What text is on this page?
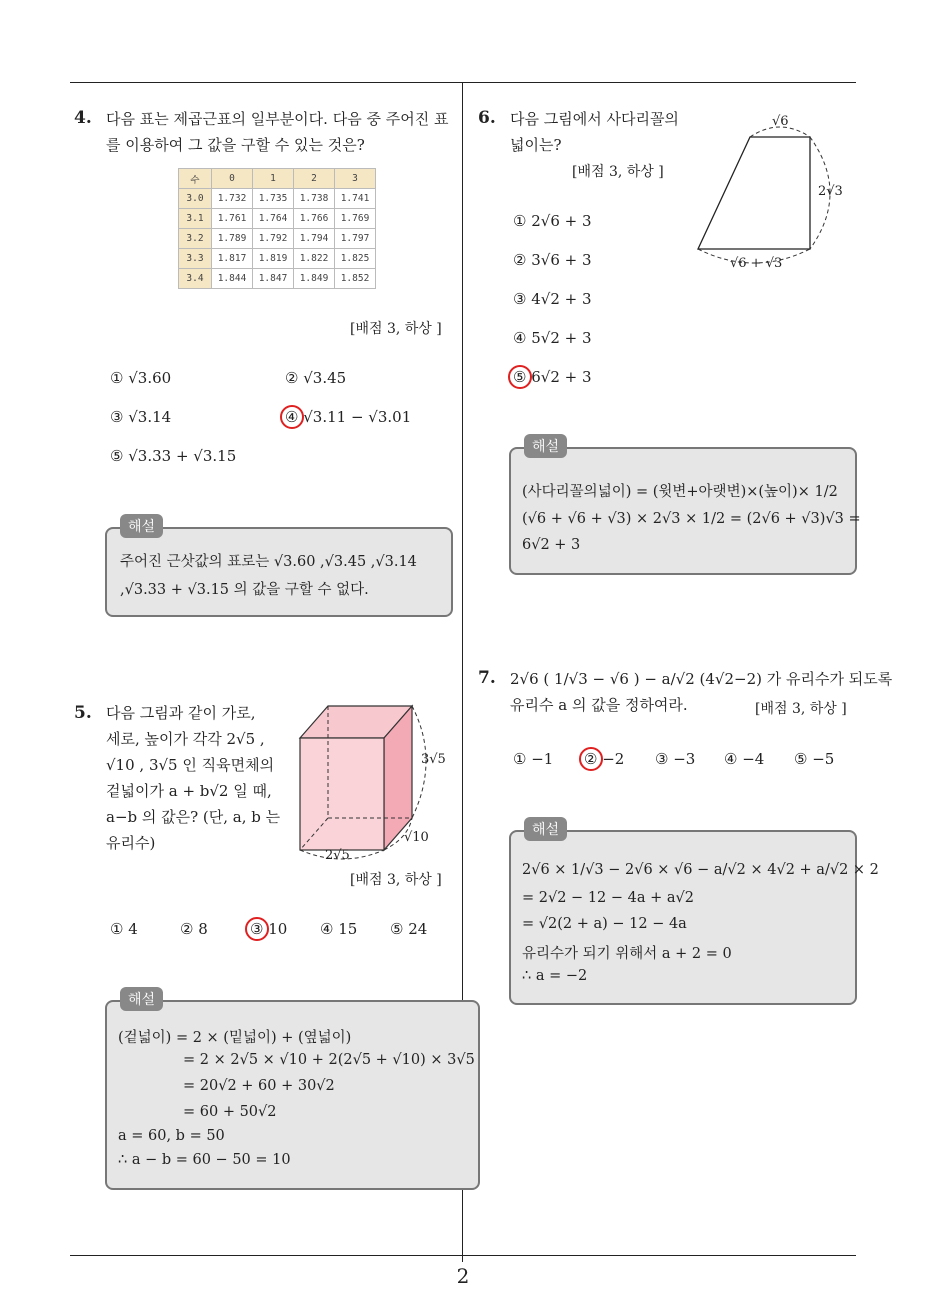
2
4. 다음 표는 제곱근표의 일부분이다. 다음 중 주어진 표
를 이용하여 그 값을 구할 수 있는 것은?
수	0	1	2	3
3.0	1.732	1.735	1.738	1.741
3.1	1.761	1.764	1.766	1.769
3.2	1.789	1.792	1.794	1.797
3.3	1.817	1.819	1.822	1.825
3.4	1.844	1.847	1.849	1.852
[배점 3, 하상 ]
① √3.60	② √3.45
③ √3.14	④ √3.11 − √3.01
⑤ √3.33 + √3.15
해설
주어진 근삿값의 표로는 √3.60 ,√3.45 ,√3.14
,√3.33 + √3.15 의 값을 구할 수 없다.
5. 다음 그림과 같이 가로,
세로, 높이가 각각 2√5 ,
√10 , 3√5 인 직육면체의
겉넓이가 a + b√2 일 때,
a−b 의 값은? (단, a, b 는
유리수)
3√5
√10
2√5
[배점 3, 하상 ]
① 4	② 8	③ 10 ④ 15 ⑤ 24
해설
(겉넓이) = 2 × (밑넓이) + (옆넓이)
= 2 × 2√5 × √10 + 2(2√5 + √10) × 3√5
= 20√2 + 60 + 30√2
= 60 + 50√2
a = 60, b = 50
∴ a − b = 60 − 50 = 10
6. 다음 그림에서 사다리꼴의
넓이는?
[배점 3, 하상 ]
√6
2√3
√6 + √3
① 2√6 + 3
② 3√6 + 3
③ 4√2 + 3
④ 5√2 + 3
⑤ 6√2 + 3
해설
(사다리꼴의넓이) = (윗변+아랫변)×(높이)× 1/2
(√6 + √6 + √3) × 2√3 × 1/2 = (2√6 + √3)√3 =
6√2 + 3
7. 2√6 ( 1/√3 − √6 ) − a/√2 (4√2−2) 가 유리수가 되도록
유리수 a 의 값을 정하여라.	[배점 3, 하상 ]
① −1 ② −2 ③ −3 ④ −4 ⑤ −5
해설
2√6 × 1/√3 − 2√6 × √6 − a/√2 × 4√2 + a/√2 × 2
= 2√2 − 12 − 4a + a√2
= √2(2 + a) − 12 − 4a
유리수가 되기 위해서 a + 2 = 0
∴ a = −2
